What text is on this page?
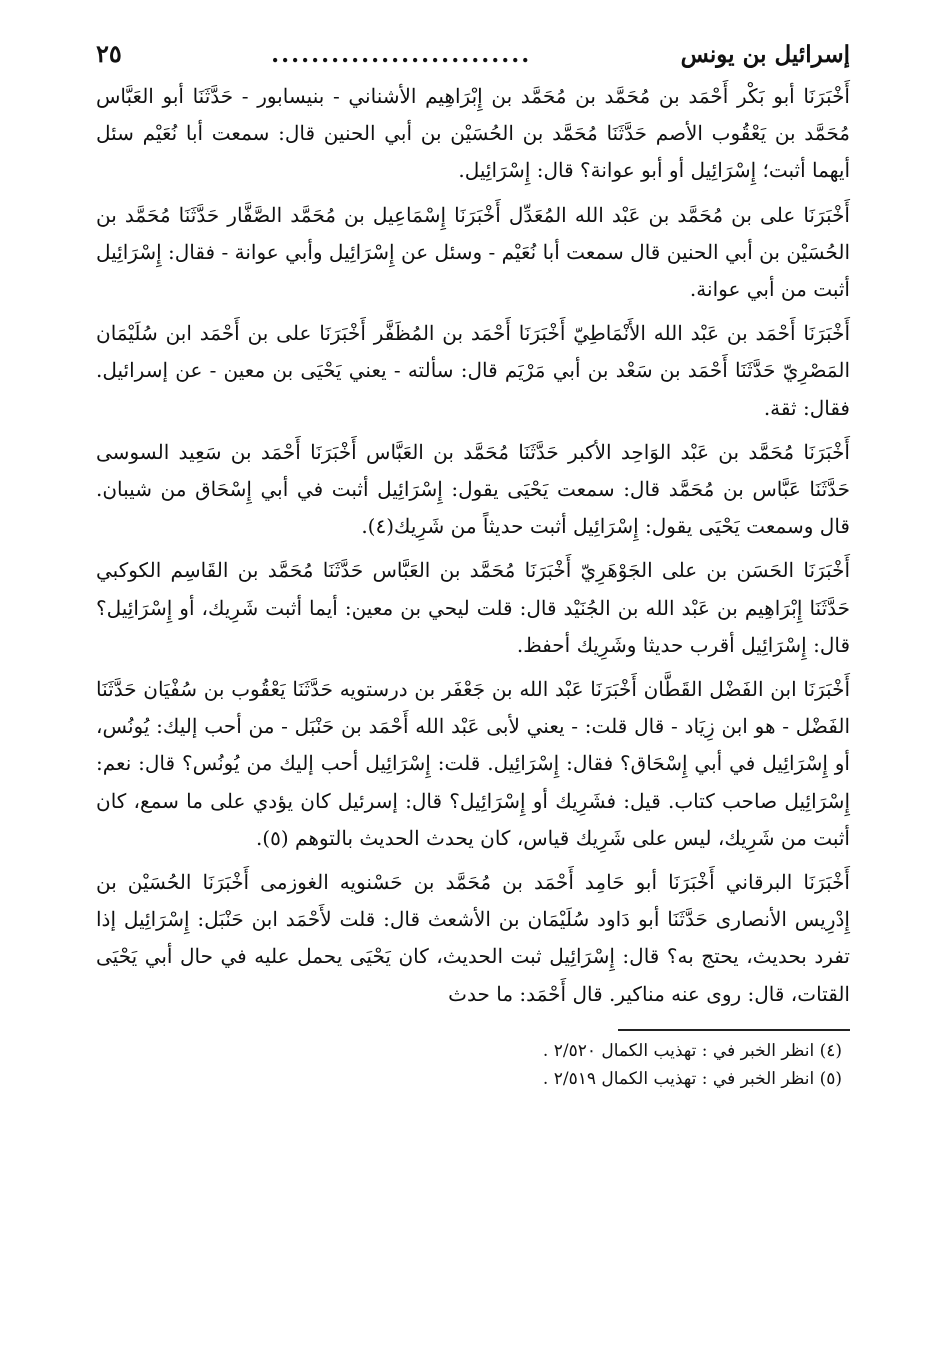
إسرائيل بن يونس
..........................
٢٥

أَخْبَرَنَا أبو بَكْر أَحْمَد بن مُحَمَّد بن مُحَمَّد بن إِبْرَاهِيم الأشناني - بنيسابور - حَدَّثَنَا أبو العَبَّاس مُحَمَّد بن يَعْقُوب الأصم حَدَّثَنَا مُحَمَّد بن الحُسَيْن بن أبي الحنين قال: سمعت أبا نُعَيْم سئل أيهما أثبت؛ إِسْرَائِيل أو أبو عوانة؟ قال: إِسْرَائِيل.

أَخْبَرَنَا على بن مُحَمَّد بن عَبْد الله المُعَدِّل أَخْبَرَنَا إِسْمَاعِيل بن مُحَمَّد الصَّفَّار حَدَّثَنَا مُحَمَّد بن الحُسَيْن بن أبي الحنين قال سمعت أبا نُعَيْم - وسئل عن إِسْرَائِيل وأبي عوانة - فقال: إِسْرَائِيل أثبت من أبي عوانة.

أَخْبَرَنَا أَحْمَد بن عَبْد الله الأَنْمَاطِيّ أَخْبَرَنَا أَحْمَد بن المُظَفَّر أَخْبَرَنَا على بن أَحْمَد ابن سُلَيْمَان المَصْرِيّ حَدَّثَنَا أَحْمَد بن سَعْد بن أبي مَرْيَم قال: سألته - يعني يَحْيَى بن معين - عن إسرائيل. فقال: ثقة.

أَخْبَرَنَا مُحَمَّد بن عَبْد الوَاحِد الأكبر حَدَّثَنَا مُحَمَّد بن العَبَّاس أَخْبَرَنَا أَحْمَد بن سَعِيد السوسى حَدَّثَنَا عَبَّاس بن مُحَمَّد قال: سمعت يَحْيَى يقول: إِسْرَائِيل أثبت في أبي إِسْحَاق من شيبان. قال وسمعت يَحْيَى يقول: إِسْرَائِيل أثبت حديثاً من شَرِيك(٤).

أَخْبَرَنَا الحَسَن بن على الجَوْهَرِيّ أَخْبَرَنَا مُحَمَّد بن العَبَّاس حَدَّثَنَا مُحَمَّد بن القَاسِم الكوكبي حَدَّثَنَا إِبْرَاهِيم بن عَبْد الله بن الجُنَيْد قال: قلت ليحي بن معين: أيما أثبت شَرِيك، أو إِسْرَائِيل؟ قال: إِسْرَائِيل أقرب حديثا وشَرِيك أحفظ.

أَخْبَرَنَا ابن الفَضْل القَطَّان أَخْبَرَنَا عَبْد الله بن جَعْفَر بن درستويه حَدَّثَنَا يَعْقُوب بن سُفْيَان حَدَّثَنَا الفَضْل - هو ابن زِيَاد - قال قلت: - يعني لأبى عَبْد الله أَحْمَد بن حَنْبَل - من أحب إليك: يُونُس، أو إِسْرَائِيل في أبي إِسْحَاق؟ فقال: إِسْرَائِيل. قلت: إِسْرَائِيل أحب إليك من يُونُس؟ قال: نعم: إِسْرَائِيل صاحب كتاب. قيل: فشَرِيك أو إِسْرَائِيل؟ قال: إسرئيل كان يؤدي على ما سمع، كان أثبت من شَرِيك، ليس على شَرِيك قياس، كان يحدث الحديث بالتوهم (٥).

أَخْبَرَنَا البرقاني أَخْبَرَنَا أبو حَامِد أَحْمَد بن مُحَمَّد بن حَسْنويه الغوزمى أَخْبَرَنَا الحُسَيْن بن إِدْرِيس الأنصارى حَدَّثَنَا أبو دَاود سُلَيْمَان بن الأشعث قال: قلت لأَحْمَد ابن حَنْبَل: إِسْرَائِيل إذا تفرد بحديث، يحتج به؟ قال: إِسْرَائِيل ثبت الحديث، كان يَحْيَى يحمل عليه في حال أبي يَحْيَى القتات، قال: روى عنه مناكير. قال أَحْمَد: ما حدث

(٤) انظر الخبر في : تهذيب الكمال ٢/٥٢٠ .

(٥) انظر الخبر في : تهذيب الكمال ٢/٥١٩ .
